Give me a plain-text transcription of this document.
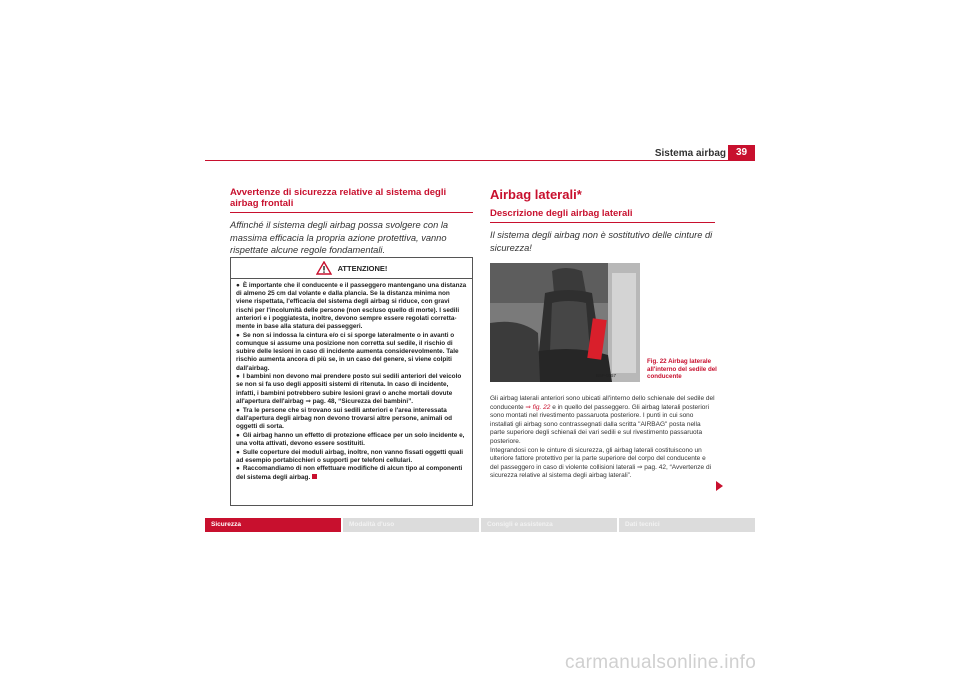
Sistema airbag 39
Avvertenze di sicurezza relative al sistema degli airbag frontali
Affinché il sistema degli airbag possa svolgere con la massima efficacia la propria azione protettiva, vanno rispettate alcune regole fondamentali.
ATTENZIONE!
● È importante che il conducente e il passeggero mantengano una distanza di almeno 25 cm dal volante e dalla plancia. Se la distanza minima non viene rispettata, l'efficacia del sistema degli airbag si riduce, con gravi rischi per l'incolumità delle persone (non escluso quello di morte). I sedili anteriori e i poggiatesta, inoltre, devono sempre essere regolati correttamente in base alla statura dei passeggeri.
● Se non si indossa la cintura e/o ci si sporge lateralmente o in avanti o comunque si assume una posizione non corretta sul sedile, il rischio di subire delle lesioni in caso di incidente aumenta considerevolmente. Tale rischio aumenta ancora di più se, in un caso del genere, si viene colpiti dall'airbag.
● I bambini non devono mai prendere posto sui sedili anteriori del veicolo se non si fa uso degli appositi sistemi di ritenuta. In caso di incidente, infatti, i bambini potrebbero subire lesioni gravi o anche mortali dovute all'apertura dell'airbag ⇒ pag. 48, “Sicurezza dei bambini”.
● Tra le persone che si trovano sui sedili anteriori e l'area interessata dall'apertura degli airbag non devono trovarsi altre persone, animali od oggetti di sorta.
● Gli airbag hanno un effetto di protezione efficace per un solo incidente e, una volta attivati, devono essere sostituiti.
● Sulle coperture dei moduli airbag, inoltre, non vanno fissati oggetti quali ad esempio portabicchieri o supporti per telefoni cellulari.
● Raccomandiamo di non effettuare modifiche di alcun tipo al componenti del sistema degli airbag.
Airbag laterali*
Descrizione degli airbag laterali
Il sistema degli airbag non è sostitutivo delle cinture di sicurezza!
B5P-0057
Fig. 22 Airbag laterale all'interno del sedile del conducente

Gli airbag laterali anteriori sono ubicati all'interno dello schienale del sedile del conducente ⇒ fig. 22 e in quello del passeggero. Gli airbag laterali posteriori sono montati nel rivestimento passaruota posteriore. I punti in cui sono installati gli airbag sono contrassegnati dalla scritta "AIRBAG" posta nella parte superiore degli schienali dei vari sedili e sul rivestimento passaruota posteriore.

Integrandosi con le cinture di sicurezza, gli airbag laterali costituiscono un ulteriore fattore protettivo per la parte superiore del corpo del conducente e del passeggero in caso di violente collisioni laterali ⇒ pag. 42, “Avvertenze di sicurezza relative al sistema degli airbag laterali”.

Sicurezza	Modalità d'uso	Consigli e assistenza	Dati tecnici
carmanualsonline.info
